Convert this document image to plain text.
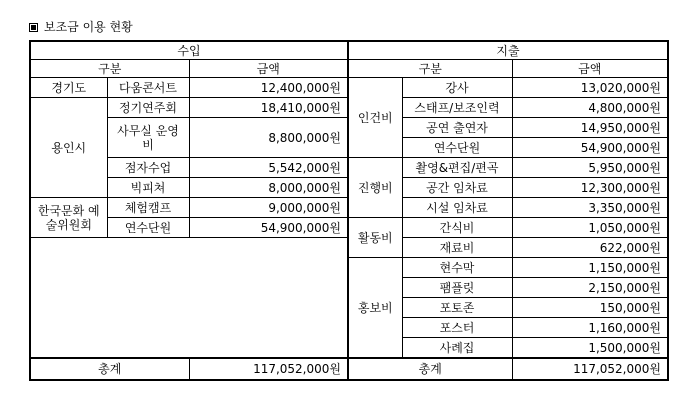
보조금 이용 현황
수입			지출		
구분		금액	구분		금액
경기도	다움콘서트	12,400,000원	인건비	강사	13,020,000원
용인시	정기연주회	18,410,000원		스태프/보조인력	4,800,000원
	사무실 운영비	8,800,000원		공연 출연자	14,950,000원
				연수단원	54,900,000원
	점자수업	5,542,000원	진행비	촬영&편집/편곡	5,950,000원
	빅피쳐	8,000,000원		공간 임차료	12,300,000원
한국문화 예술위원회	체험캠프	9,000,000원		시설 임차료	3,350,000원
	연수단원	54,900,000원	활동비	간식비	1,050,000원
				재료비	622,000원
			홍보비	현수막	1,150,000원
				팸플릿	2,150,000원
				포토존	150,000원
				포스터	1,160,000원
				사례집	1,500,000원
총계		117,052,000원	총계		117,052,000원
